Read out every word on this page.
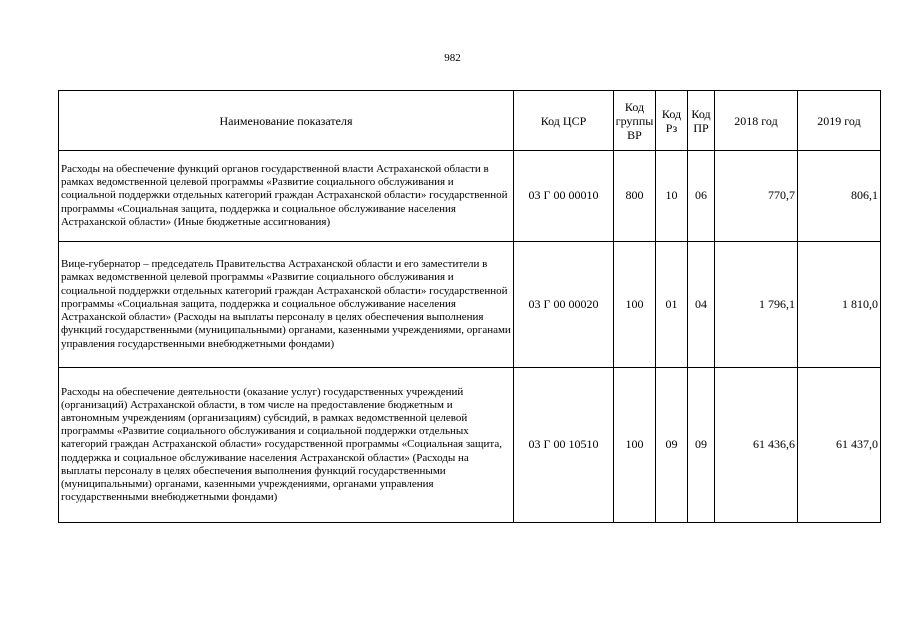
982
Наименование показателя	Код ЦСР	Код группы ВР	Код Рз	Код ПР	2018 год	2019 год
Расходы на обеспечение функций органов государственной власти Астраханской области в рамках ведомственной целевой программы «Развитие социального обслуживания и социальной поддержки отдельных категорий граждан Астраханской области» государственной программы «Социальная защита, поддержка и социальное обслуживание населения Астраханской области» (Иные бюджетные ассигнования)	03 Г 00 00010	800	10	06	770,7	806,1
Вице-губернатор – председатель Правительства Астраханской области и его заместители в рамках ведомственной целевой программы «Развитие социального обслуживания и социальной поддержки отдельных категорий граждан Астраханской области» государственной программы «Социальная защита, поддержка и социальное обслуживание населения Астраханской области» (Расходы на выплаты персоналу в целях обеспечения выполнения функций государственными (муниципальными) органами, казенными учреждениями, органами управления государственными внебюджетными фондами)	03 Г 00 00020	100	01	04	1 796,1	1 810,0
Расходы на обеспечение деятельности (оказание услуг) государственных учреждений (организаций) Астраханской области, в том числе на предоставление бюджетным и автономным учреждениям (организациям) субсидий, в рамках ведомственной целевой программы «Развитие социального обслуживания и социальной поддержки отдельных категорий граждан Астраханской области» государственной программы «Социальная защита, поддержка и социальное обслуживание населения Астраханской области» (Расходы на выплаты персоналу в целях обеспечения выполнения функций государственными (муниципальными) органами, казенными учреждениями, органами управления государственными внебюджетными фондами)	03 Г 00 10510	100	09	09	61 436,6	61 437,0
